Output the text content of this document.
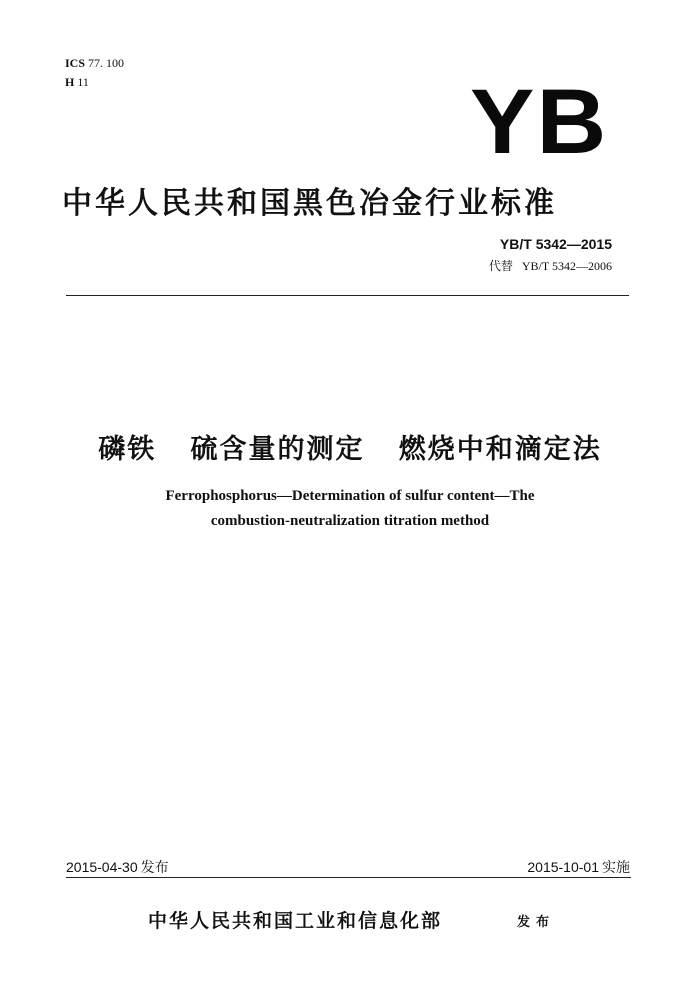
ICS 77. 100
H 11	YB
中华人民共和国黑色冶金行业标准
YB/T 5342—2015
代替 YB/T 5342—2006
磷铁   硫含量的测定   燃烧中和滴定法
Ferrophosphorus—Determination of sulfur content—The
combustion-neutralization titration method
2015-04-30 发布	2015-10-01 实施
中华人民共和国工业和信息化部	发布
